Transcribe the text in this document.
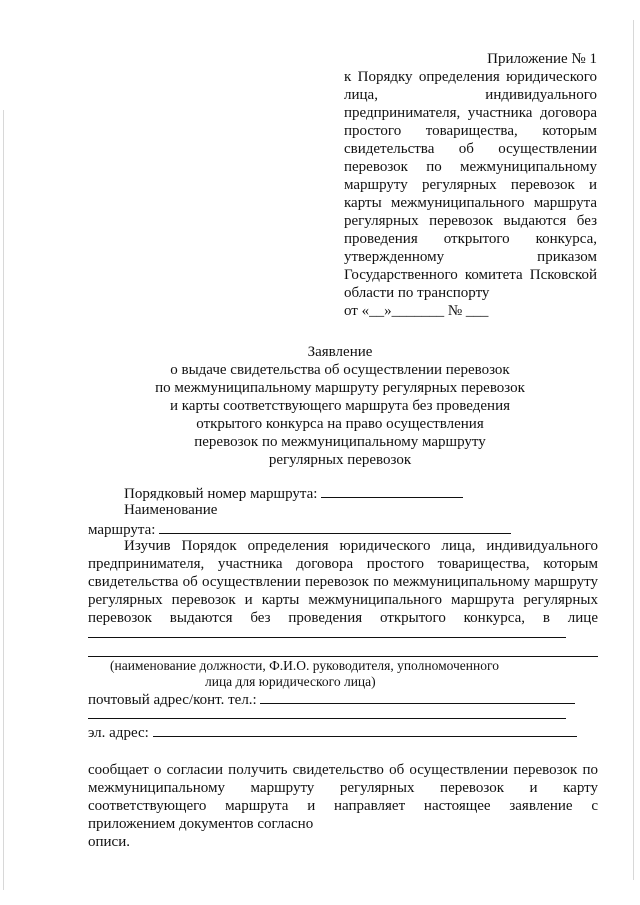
Приложение № 1
к Порядку определения юридического лица, индивидуального предпринимателя, участника договора простого товарищества, которым свидетельства об осуществлении перевозок по межмуниципальному маршруту регулярных перевозок и карты межмуниципального маршрута регулярных перевозок выдаются без проведения открытого конкурса, утвержденному приказом Государственного комитета Псковской области по транспорту
от «__»_______ № ___
Заявление
о выдаче свидетельства об осуществлении перевозок
по межмуниципальному маршруту регулярных перевозок
и карты соответствующего маршрута без проведения
открытого конкурса на право осуществления
перевозок по межмуниципальному маршруту
регулярных перевозок
Порядковый номер маршрута:
Наименование
маршрута:
Изучив Порядок определения юридического лица, индивидуального
предпринимателя, участника договора простого товарищества, которым
свидетельства об осуществлении перевозок по межмуниципальному маршруту
регулярных перевозок и карты межмуниципального маршрута регулярных
перевозок выдаются без проведения открытого конкурса, в лице
(наименование должности, Ф.И.О. руководителя, уполномоченного
лица для юридического лица)
почтовый адрес/конт. тел.:
эл. адрес:
сообщает о согласии получить свидетельство об осуществлении перевозок по
межмуниципальному маршруту регулярных перевозок и карту
соответствующего маршрута и направляет настоящее заявление с
приложением документов согласно
описи.
